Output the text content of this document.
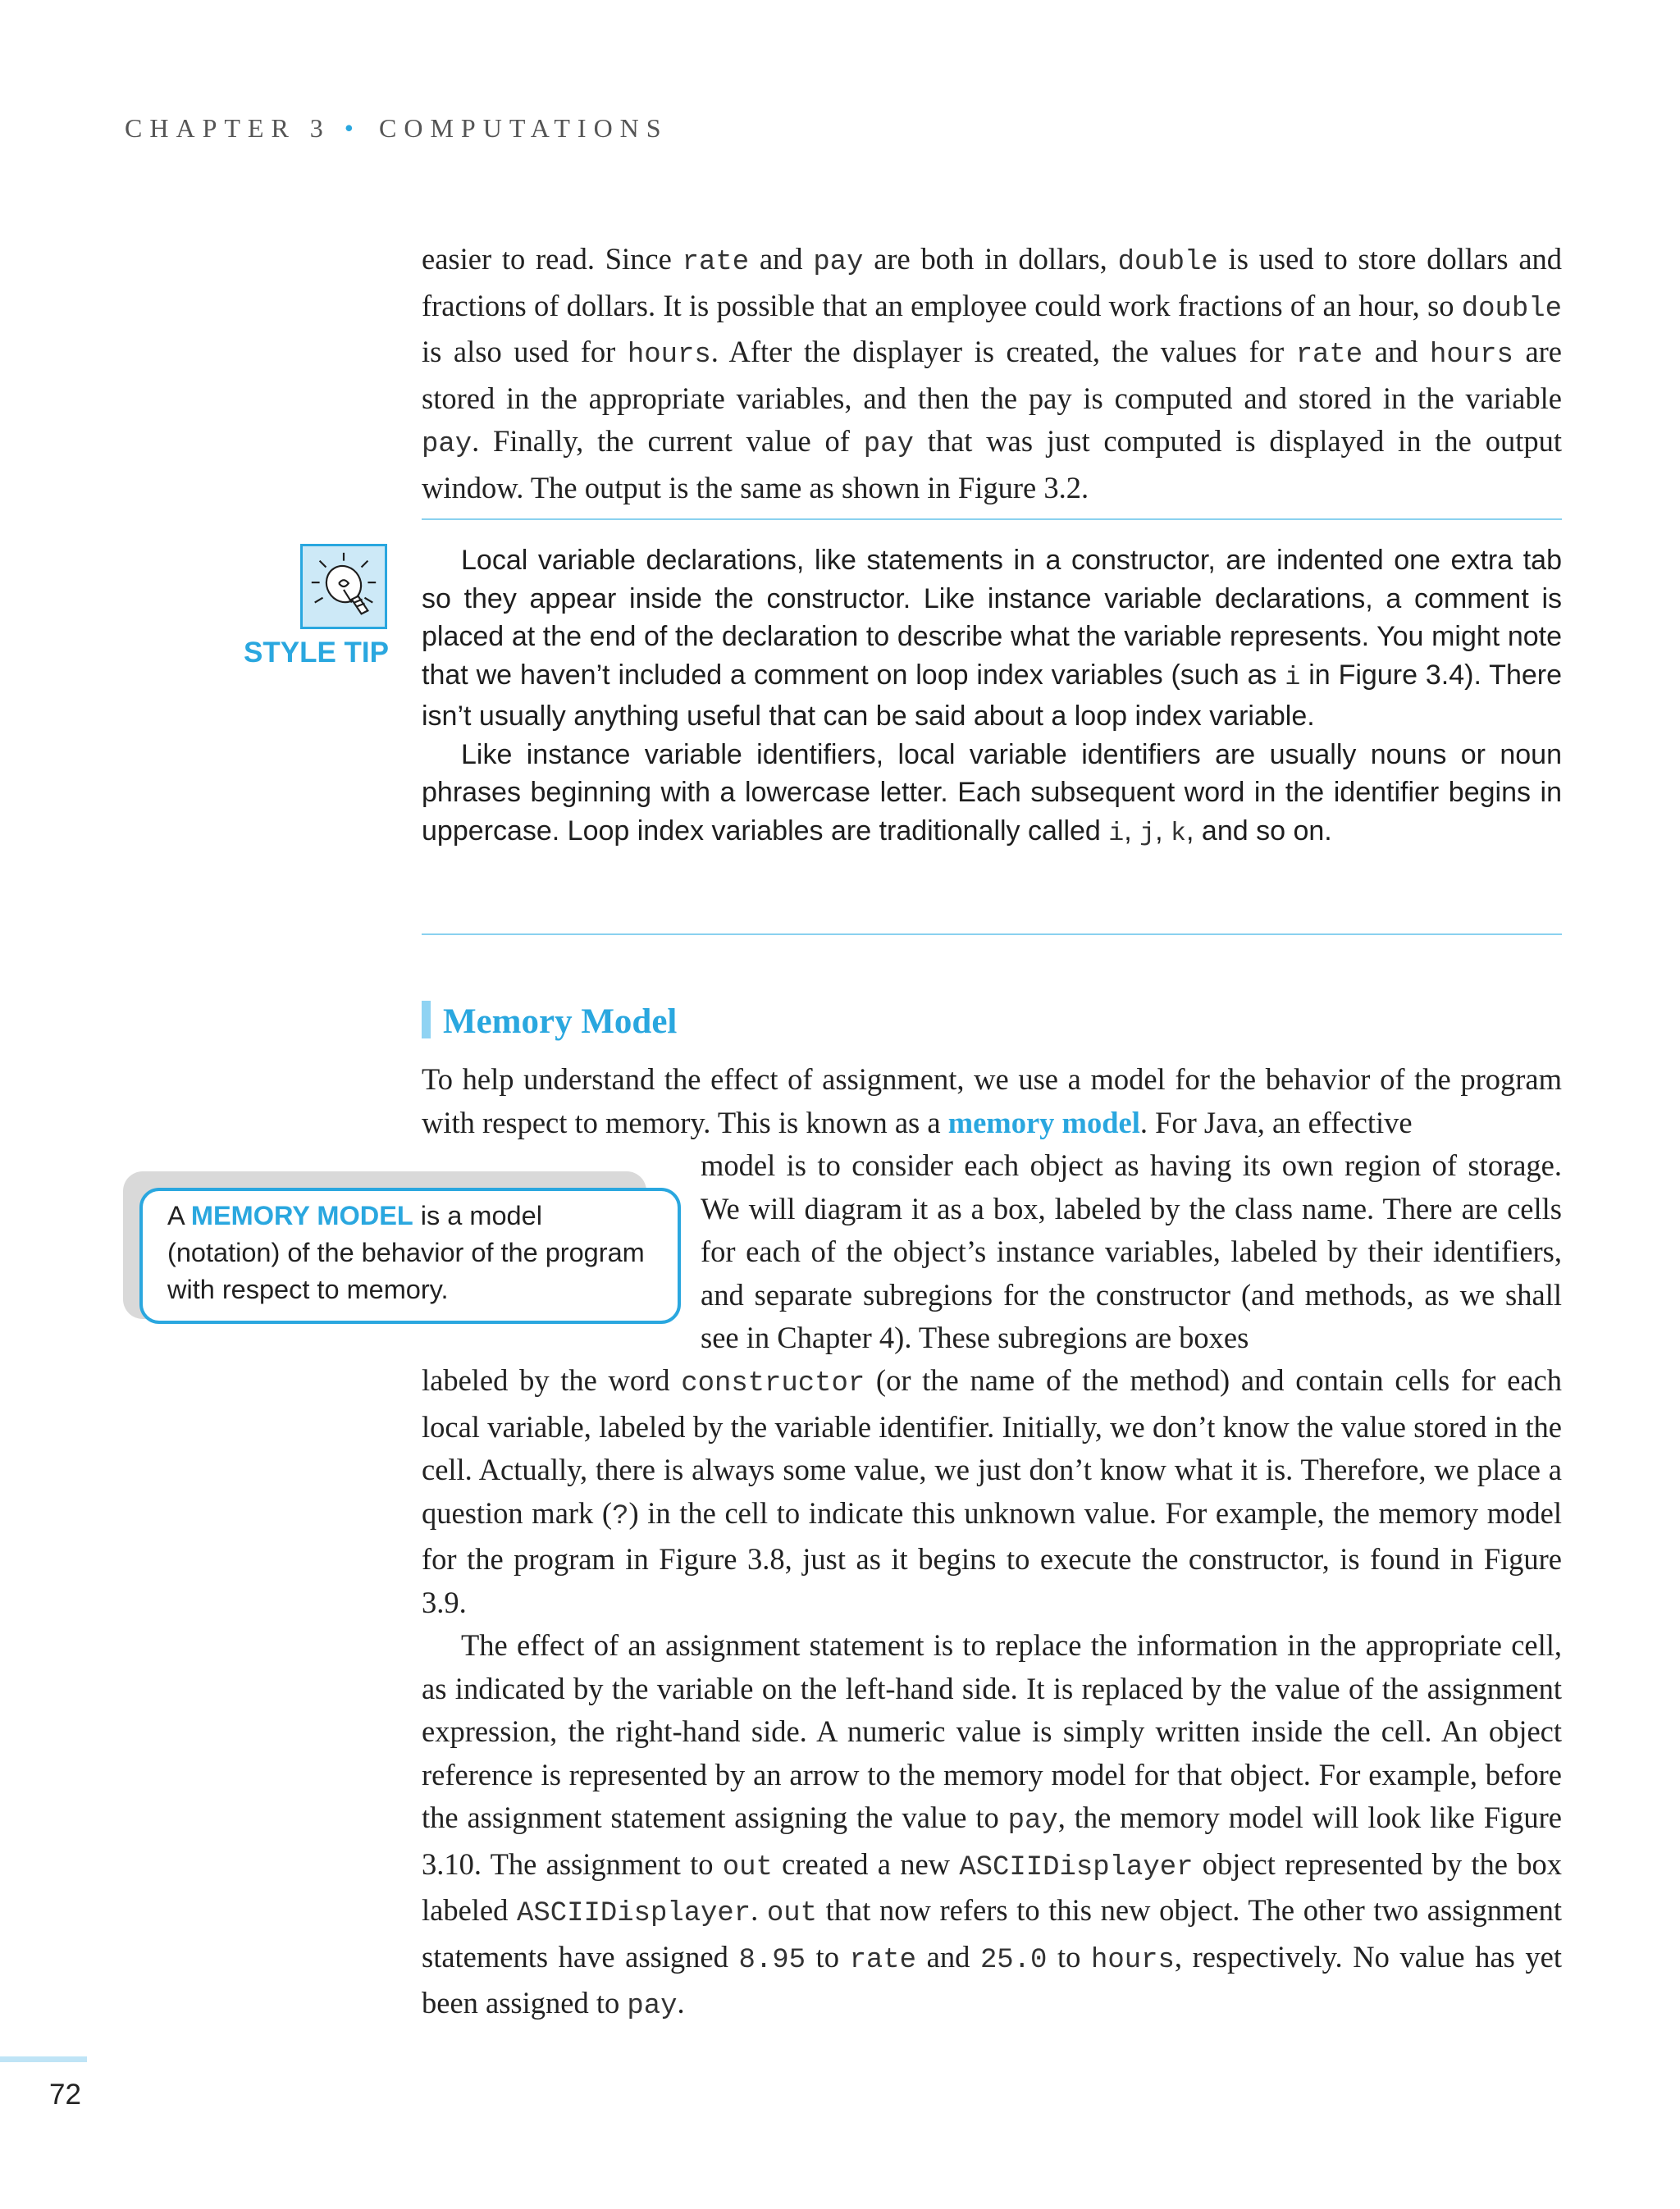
CHAPTER 3 • COMPUTATIONS

easier to read. Since rate and pay are both in dollars, double is used to store dollars and fractions of dollars. It is possible that an employee could work fractions of an hour, so double is also used for hours. After the displayer is created, the values for rate and hours are stored in the appropriate variables, and then the pay is computed and stored in the variable pay. Finally, the current value of pay that was just computed is displayed in the output window. The output is the same as shown in Figure 3.2.

STYLE TIP

Local variable declarations, like statements in a constructor, are indented one extra tab so they appear inside the constructor. Like instance variable declarations, a comment is placed at the end of the declaration to describe what the variable represents. You might note that we haven’t included a comment on loop index variables (such as i in Figure 3.4). There isn’t usually anything useful that can be said about a loop index variable.

Like instance variable identifiers, local variable identifiers are usually nouns or noun phrases beginning with a lowercase letter. Each subsequent word in the identifier begins in uppercase. Loop index variables are traditionally called i, j, k, and so on.

Memory Model

To help understand the effect of assignment, we use a model for the behavior of the program with respect to memory. This is known as a memory model. For Java, an effective

model is to consider each object as having its own region of storage. We will diagram it as a box, labeled by the class name. There are cells for each of the object’s instance variables, labeled by their identifiers, and separate subregions for the constructor (and methods, as we shall see in Chapter 4). These subregions are boxes

labeled by the word constructor (or the name of the method) and contain cells for each local variable, labeled by the variable identifier. Initially, we don’t know the value stored in the cell. Actually, there is always some value, we just don’t know what it is. Therefore, we place a question mark (?) in the cell to indicate this unknown value. For example, the memory model for the program in Figure 3.8, just as it begins to execute the constructor, is found in Figure 3.9.

The effect of an assignment statement is to replace the information in the appropriate cell, as indicated by the variable on the left-hand side. It is replaced by the value of the assignment expression, the right-hand side. A numeric value is simply written inside the cell. An object reference is represented by an arrow to the memory model for that object. For example, before the assignment statement assigning the value to pay, the memory model will look like Figure 3.10. The assignment to out created a new ASCIIDisplayer object represented by the box labeled ASCIIDisplayer. out that now refers to this new object. The other two assignment statements have assigned 8.95 to rate and 25.0 to hours, respectively. No value has yet been assigned to pay.

A MEMORY MODEL is a model (notation) of the behavior of the program with respect to memory.
72
